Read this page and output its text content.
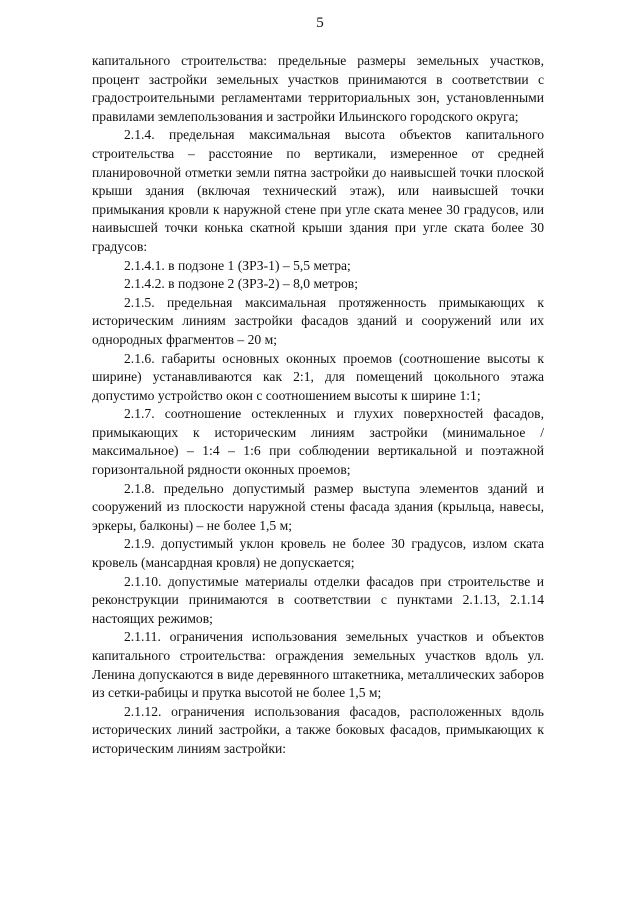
5

капитального строительства: предельные размеры земельных участков, процент застройки земельных участков принимаются в соответствии с градостроительными регламентами территориальных зон, установленными правилами землепользования и застройки Ильинского городского округа;

2.1.4. предельная максимальная высота объектов капитального строительства – расстояние по вертикали, измеренное от средней планировочной отметки земли пятна застройки до наивысшей точки плоской крыши здания (включая технический этаж), или наивысшей точки примыкания кровли к наружной стене при угле ската менее 30 градусов, или наивысшей точки конька скатной крыши здания при угле ската более 30 градусов:

2.1.4.1. в подзоне 1 (ЗРЗ-1) – 5,5 метра;

2.1.4.2. в подзоне 2 (ЗРЗ-2) – 8,0 метров;

2.1.5. предельная максимальная протяженность примыкающих к историческим линиям застройки фасадов зданий и сооружений или их однородных фрагментов – 20 м;

2.1.6. габариты основных оконных проемов (соотношение высоты к ширине) устанавливаются как 2:1, для помещений цокольного этажа допустимо устройство окон с соотношением высоты к ширине 1:1;

2.1.7. соотношение остекленных и глухих поверхностей фасадов, примыкающих к историческим линиям застройки (минимальное / максимальное) – 1:4 – 1:6 при соблюдении вертикальной и поэтажной горизонтальной рядности оконных проемов;

2.1.8. предельно допустимый размер выступа элементов зданий и сооружений из плоскости наружной стены фасада здания (крыльца, навесы, эркеры, балконы) – не более 1,5 м;

2.1.9. допустимый уклон кровель не более 30 градусов, излом ската кровель (мансардная кровля) не допускается;

2.1.10. допустимые материалы отделки фасадов при строительстве и реконструкции принимаются в соответствии с пунктами 2.1.13, 2.1.14 настоящих режимов;

2.1.11. ограничения использования земельных участков и объектов капитального строительства: ограждения земельных участков вдоль ул. Ленина допускаются в виде деревянного штакетника, металлических заборов из сетки-рабицы и прутка высотой не более 1,5 м;

2.1.12. ограничения использования фасадов, расположенных вдоль исторических линий застройки, а также боковых фасадов, примыкающих к историческим линиям застройки:
